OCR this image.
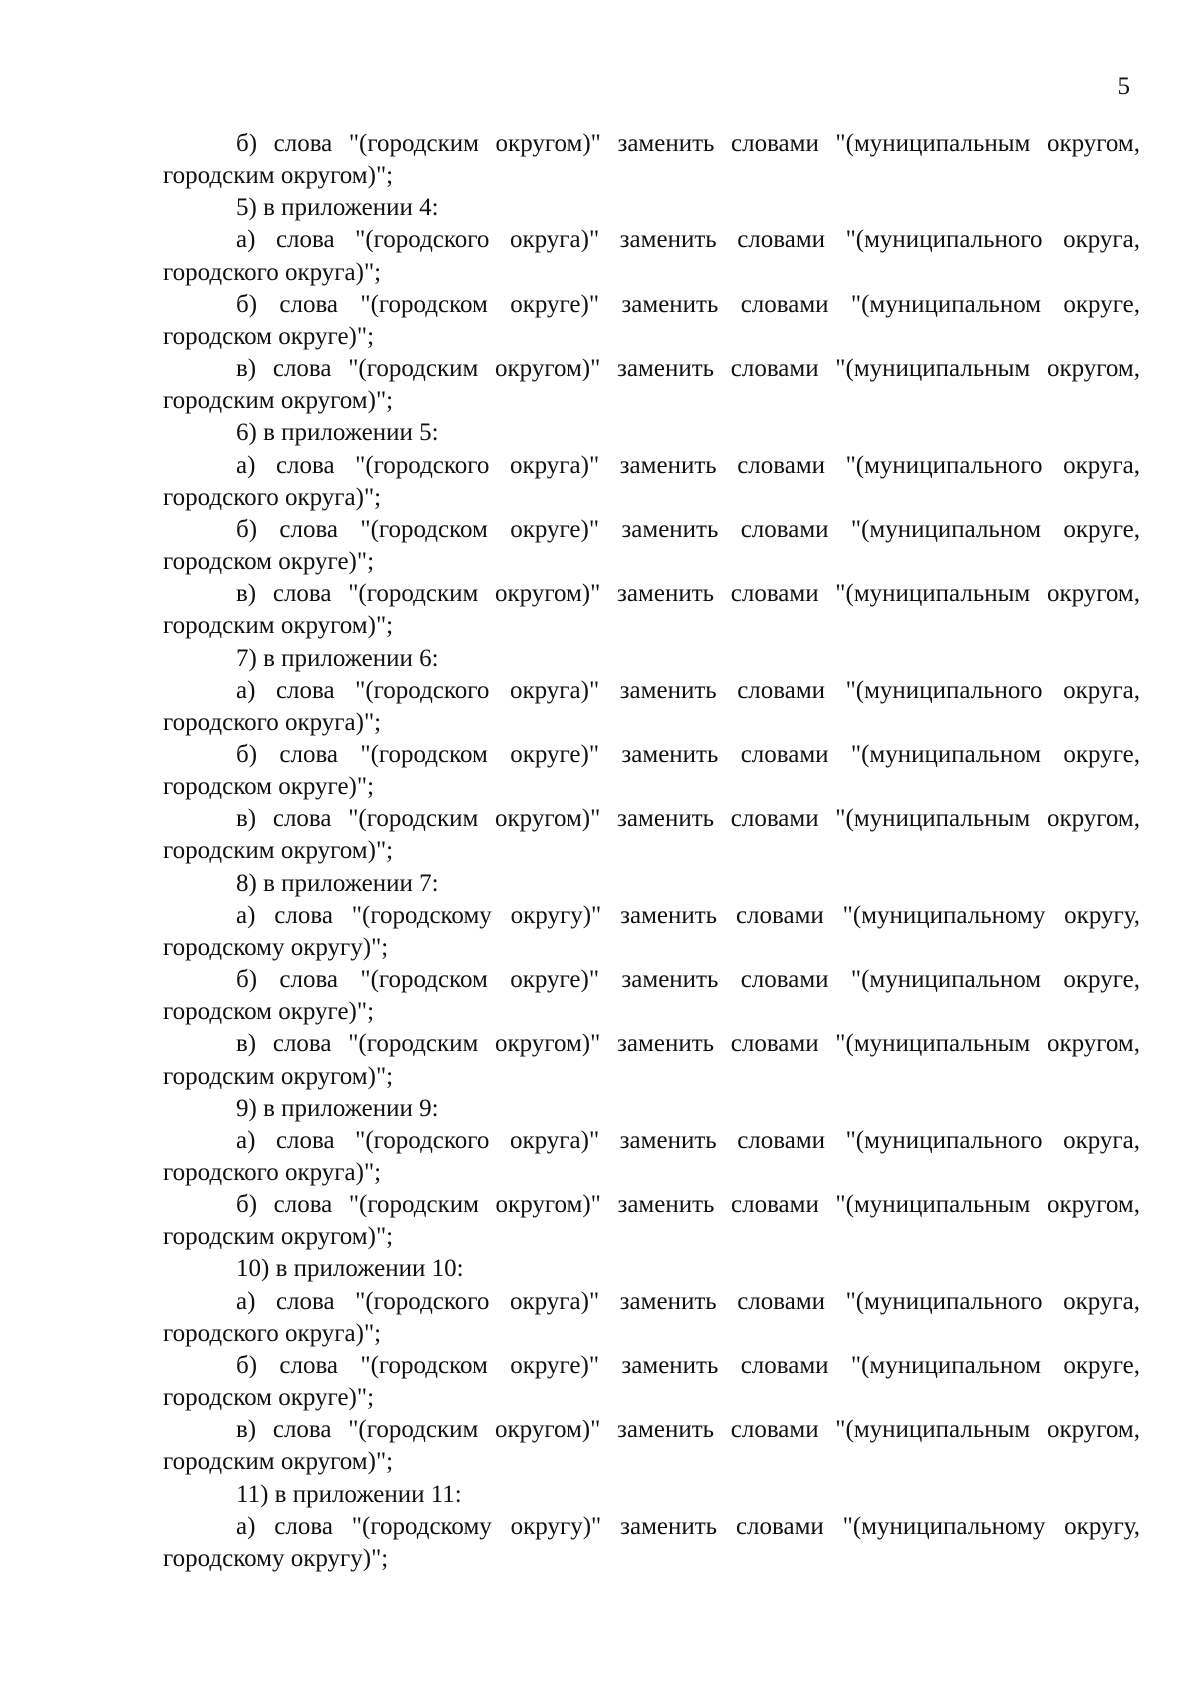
5

б) слова "(городским округом)" заменить словами "(муниципальным округом, городским округом)";

5) в приложении 4:

а) слова "(городского округа)" заменить словами "(муниципального округа, городского округа)";

б) слова "(городском округе)" заменить словами "(муниципальном округе, городском округе)";

в) слова "(городским округом)" заменить словами "(муниципальным округом, городским округом)";

6) в приложении 5:

а) слова "(городского округа)" заменить словами "(муниципального округа, городского округа)";

б) слова "(городском округе)" заменить словами "(муниципальном округе, городском округе)";

в) слова "(городским округом)" заменить словами "(муниципальным округом, городским округом)";

7) в приложении 6:

а) слова "(городского округа)" заменить словами "(муниципального округа, городского округа)";

б) слова "(городском округе)" заменить словами "(муниципальном округе, городском округе)";

в) слова "(городским округом)" заменить словами "(муниципальным округом, городским округом)";

8) в приложении 7:

а) слова "(городскому округу)" заменить словами "(муниципальному округу, городскому округу)";

б) слова "(городском округе)" заменить словами "(муниципальном округе, городском округе)";

в) слова "(городским округом)" заменить словами "(муниципальным округом, городским округом)";

9) в приложении 9:

а) слова "(городского округа)" заменить словами "(муниципального округа, городского округа)";

б) слова "(городским округом)" заменить словами "(муниципальным округом, городским округом)";

10) в приложении 10:

а) слова "(городского округа)" заменить словами "(муниципального округа, городского округа)";

б) слова "(городском округе)" заменить словами "(муниципальном округе, городском округе)";

в) слова "(городским округом)" заменить словами "(муниципальным округом, городским округом)";

11) в приложении 11:

а) слова "(городскому округу)" заменить словами "(муниципальному округу, городскому округу)";
